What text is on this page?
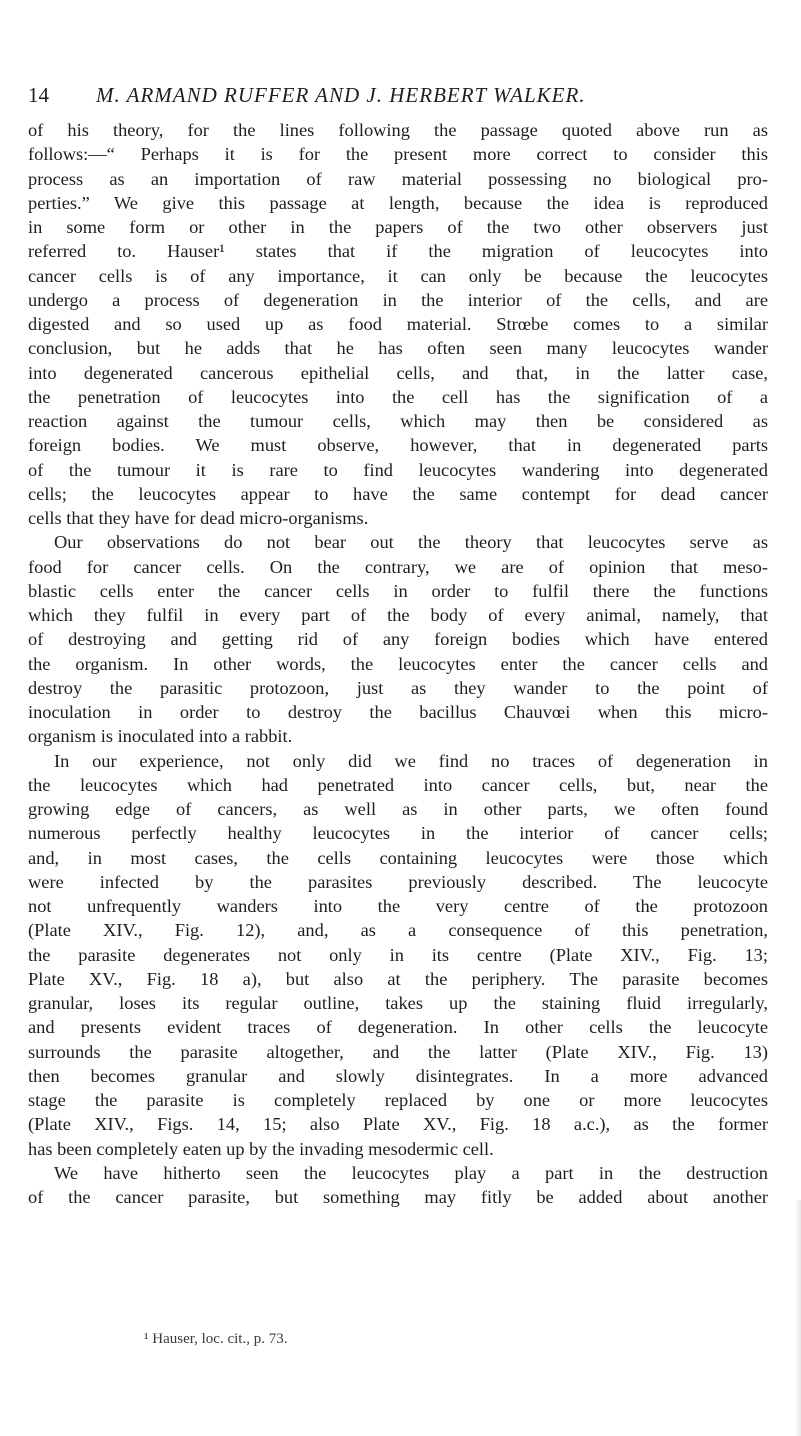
14 M. ARMAND RUFFER AND J. HERBERT WALKER.
of his theory, for the lines following the passage quoted above run as
follows:—“ Perhaps it is for the present more correct to consider this
process as an importation of raw material possessing no biological pro-
perties.” We give this passage at length, because the idea is reproduced
in some form or other in the papers of the two other observers just
referred to. Hauser¹ states that if the migration of leucocytes into
cancer cells is of any importance, it can only be because the leucocytes
undergo a process of degeneration in the interior of the cells, and are
digested and so used up as food material. Strœbe comes to a similar
conclusion, but he adds that he has often seen many leucocytes wander
into degenerated cancerous epithelial cells, and that, in the latter case,
the penetration of leucocytes into the cell has the signification of a
reaction against the tumour cells, which may then be considered as
foreign bodies. We must observe, however, that in degenerated parts
of the tumour it is rare to find leucocytes wandering into degenerated
cells; the leucocytes appear to have the same contempt for dead cancer
cells that they have for dead micro-organisms.
Our observations do not bear out the theory that leucocytes serve as
food for cancer cells. On the contrary, we are of opinion that meso-
blastic cells enter the cancer cells in order to fulfil there the functions
which they fulfil in every part of the body of every animal, namely, that
of destroying and getting rid of any foreign bodies which have entered
the organism. In other words, the leucocytes enter the cancer cells and
destroy the parasitic protozoon, just as they wander to the point of
inoculation in order to destroy the bacillus Chauvœi when this micro-
organism is inoculated into a rabbit.
In our experience, not only did we find no traces of degeneration in
the leucocytes which had penetrated into cancer cells, but, near the
growing edge of cancers, as well as in other parts, we often found
numerous perfectly healthy leucocytes in the interior of cancer cells;
and, in most cases, the cells containing leucocytes were those which
were infected by the parasites previously described. The leucocyte
not unfrequently wanders into the very centre of the protozoon
(Plate XIV., Fig. 12), and, as a consequence of this penetration,
the parasite degenerates not only in its centre (Plate XIV., Fig. 13;
Plate XV., Fig. 18 a), but also at the periphery. The parasite becomes
granular, loses its regular outline, takes up the staining fluid irregularly,
and presents evident traces of degeneration. In other cells the leucocyte
surrounds the parasite altogether, and the latter (Plate XIV., Fig. 13)
then becomes granular and slowly disintegrates. In a more advanced
stage the parasite is completely replaced by one or more leucocytes
(Plate XIV., Figs. 14, 15; also Plate XV., Fig. 18 a.c.), as the former
has been completely eaten up by the invading mesodermic cell.
We have hitherto seen the leucocytes play a part in the destruction
of the cancer parasite, but something may fitly be added about another
¹ Hauser, loc. cit., p. 73.
